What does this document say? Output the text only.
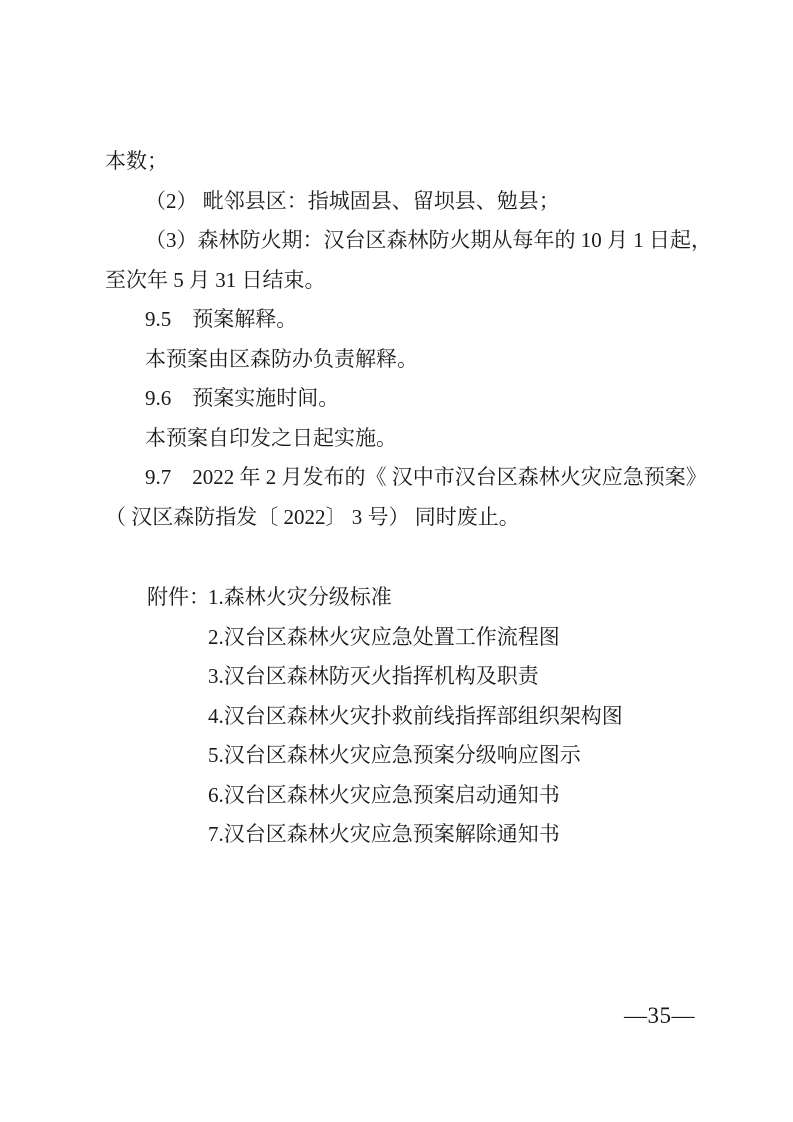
本数；

（2） 毗邻县区：指城固县、留坝县、勉县；

（3）森林防火期：汉台区森林防火期从每年的 10 月 1 日起，

至次年 5 月 31 日结束。

9.5　预案解释。

本预案由区森防办负责解释。

9.6　预案实施时间。

本预案自印发之日起实施。

9.7　2022 年 2 月发布的《 汉中市汉台区森林火灾应急预案》

（ 汉区森防指发〔 2022〕 3 号） 同时废止。

附件：1.森林火灾分级标准

2.汉台区森林火灾应急处置工作流程图

3.汉台区森林防灭火指挥机构及职责

4.汉台区森林火灾扑救前线指挥部组织架构图

5.汉台区森林火灾应急预案分级响应图示

6.汉台区森林火灾应急预案启动通知书

7.汉台区森林火灾应急预案解除通知书

—35—
